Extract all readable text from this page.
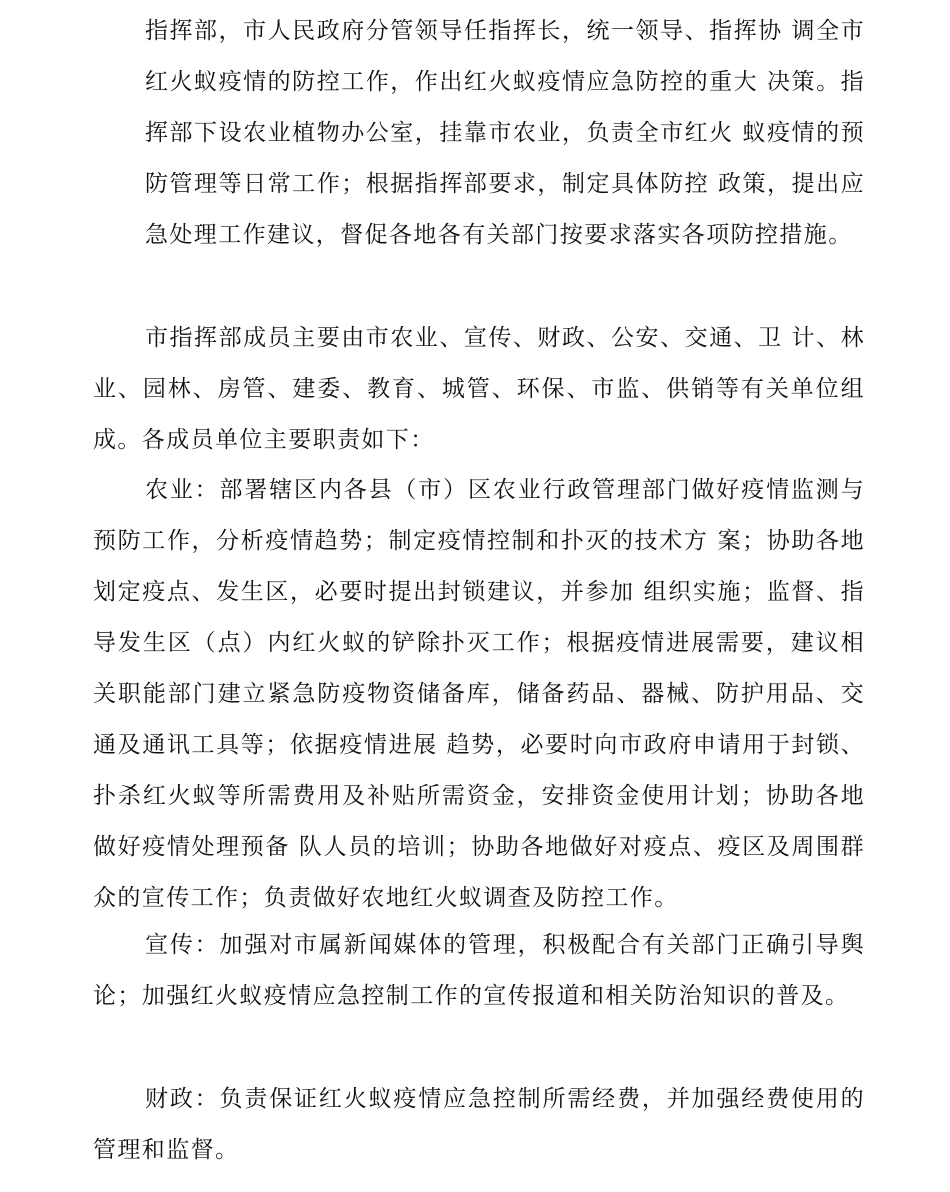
指挥部，市人民政府分管领导任指挥长，统一领导、指挥协 调全市红火蚁疫情的防控工作，作出红火蚁疫情应急防控的重大 决策。指挥部下设农业植物办公室，挂靠市农业，负责全市红火 蚁疫情的预防管理等日常工作；根据指挥部要求，制定具体防控 政策，提出应急处理工作建议，督促各地各有关部门按要求落实各项防控措施。

市指挥部成员主要由市农业、宣传、财政、公安、交通、卫 计、林业、园林、房管、建委、教育、城管、环保、市监、供销等有关单位组成。各成员单位主要职责如下：

农业：部署辖区内各县（市）区农业行政管理部门做好疫情监测与预防工作，分析疫情趋势；制定疫情控制和扑灭的技术方 案；协助各地划定疫点、发生区，必要时提出封锁建议，并参加 组织实施；监督、指导发生区（点）内红火蚁的铲除扑灭工作；根据疫情进展需要，建议相关职能部门建立紧急防疫物资储备库，储备药品、器械、防护用品、交通及通讯工具等；依据疫情进展 趋势，必要时向市政府申请用于封锁、扑杀红火蚁等所需费用及补贴所需资金，安排资金使用计划；协助各地做好疫情处理预备 队人员的培训；协助各地做好对疫点、疫区及周围群众的宣传工作；负责做好农地红火蚁调查及防控工作。

宣传：加强对市属新闻媒体的管理，积极配合有关部门正确引导舆论；加强红火蚁疫情应急控制工作的宣传报道和相关防治知识的普及。

财政：负责保证红火蚁疫情应急控制所需经费，并加强经费使用的管理和监督。
